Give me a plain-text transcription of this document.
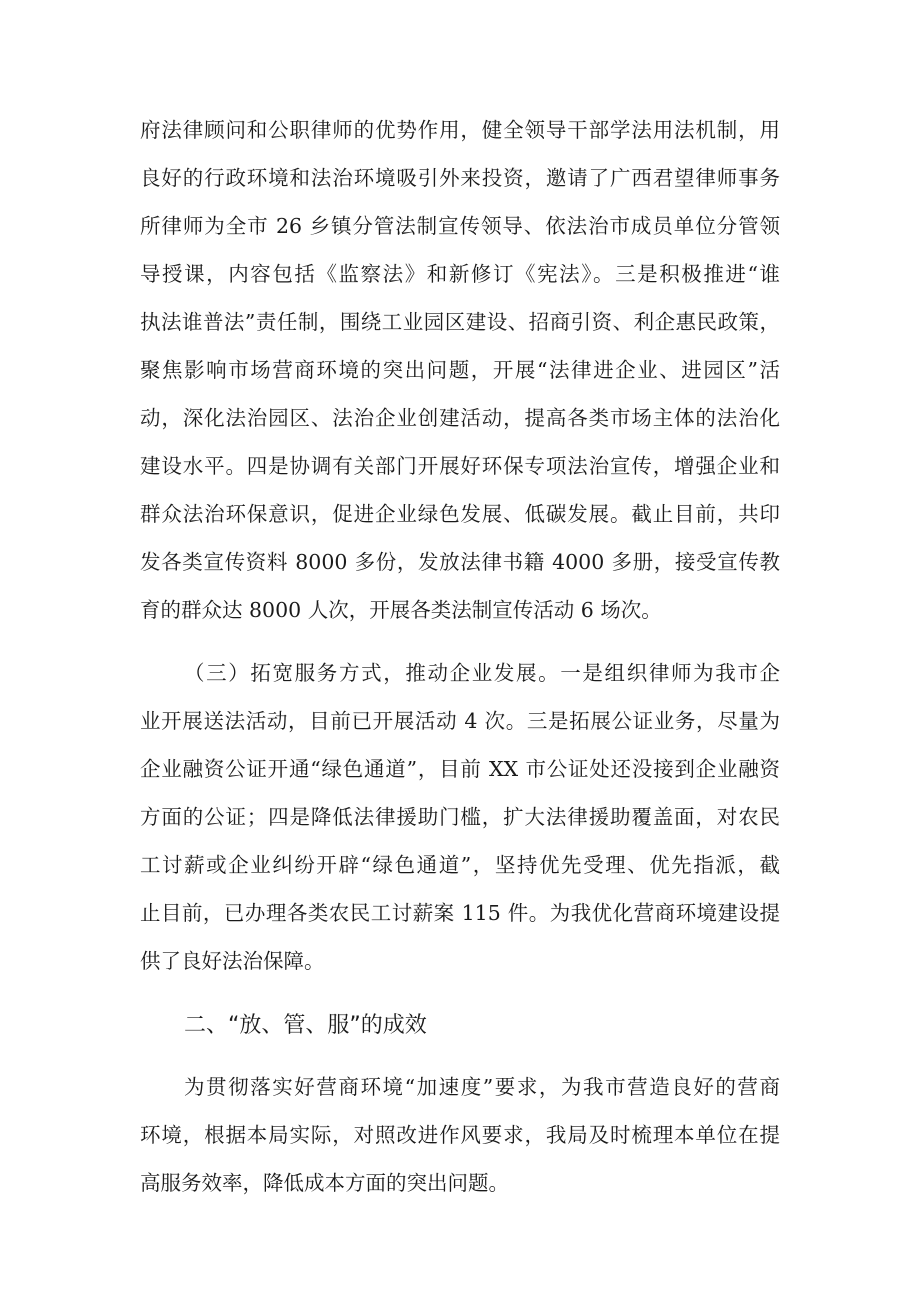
府法律顾问和公职律师的优势作用，健全领导干部学法用法机制，用

良好的行政环境和法治环境吸引外来投资，邀请了广西君望律师事务

所律师为全市 26 乡镇分管法制宣传领导、依法治市成员单位分管领

导授课，内容包括《监察法》和新修订《宪法》。三是积极推进“谁

执法谁普法”责任制，围绕工业园区建设、招商引资、利企惠民政策，

聚焦影响市场营商环境的突出问题，开展“法律进企业、进园区”活

动，深化法治园区、法治企业创建活动，提高各类市场主体的法治化

建设水平。四是协调有关部门开展好环保专项法治宣传，增强企业和

群众法治环保意识，促进企业绿色发展、低碳发展。截止目前，共印

发各类宣传资料 8000 多份，发放法律书籍 4000 多册，接受宣传教

育的群众达 8000 人次，开展各类法制宣传活动 6 场次。

（三）拓宽服务方式，推动企业发展。一是组织律师为我市企

业开展送法活动，目前已开展活动 4 次。三是拓展公证业务，尽量为

企业融资公证开通“绿色通道”，目前 XX 市公证处还没接到企业融资

方面的公证；四是降低法律援助门槛，扩大法律援助覆盖面，对农民

工讨薪或企业纠纷开辟“绿色通道”，坚持优先受理、优先指派，截

止目前，已办理各类农民工讨薪案 115 件。为我优化营商环境建设提

供了良好法治保障。

二、“放、管、服”的成效

为贯彻落实好营商环境“加速度”要求，为我市营造良好的营商

环境，根据本局实际，对照改进作风要求，我局及时梳理本单位在提

高服务效率，降低成本方面的突出问题。
